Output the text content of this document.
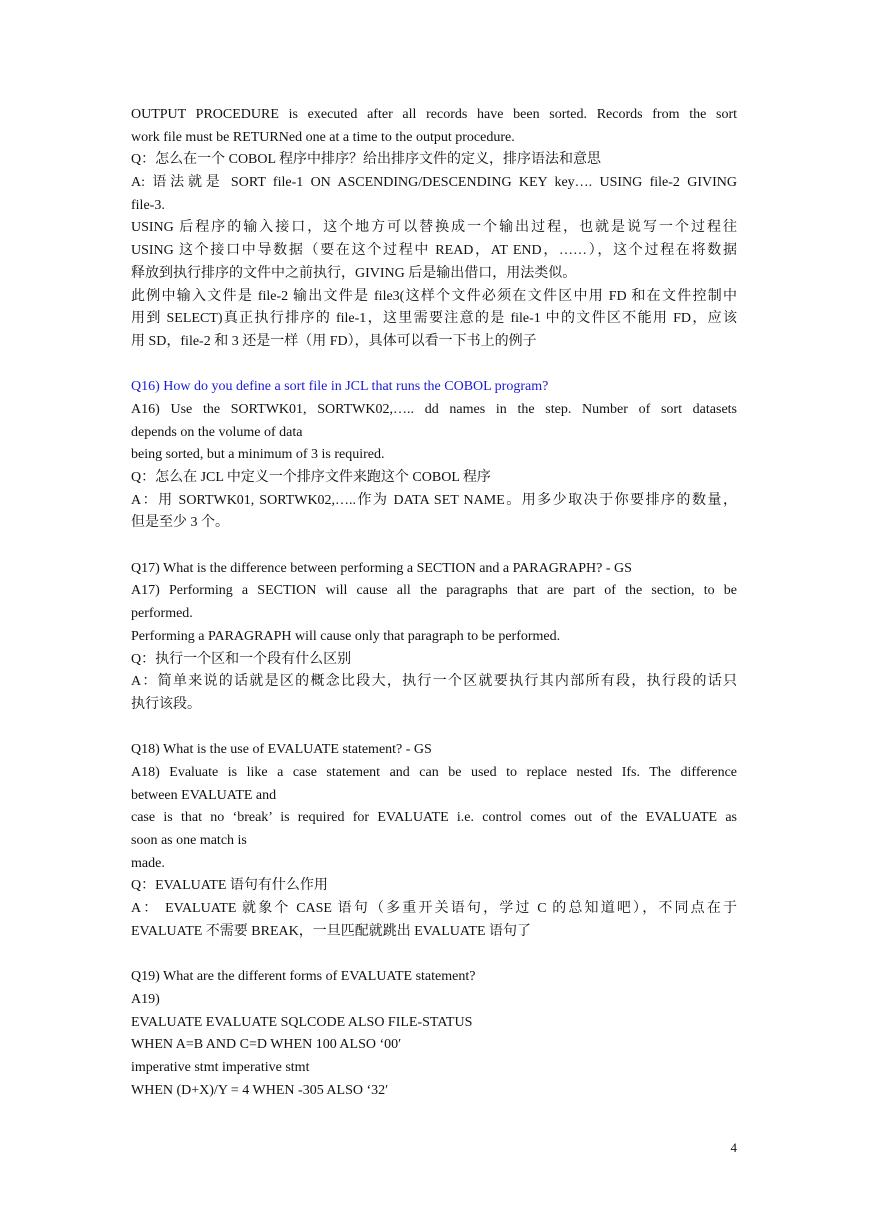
OUTPUT PROCEDURE is executed after all records have been sorted. Records from the sort
work file must be RETURNed one at a time to the output procedure.
Q：怎么在一个 COBOL 程序中排序？给出排序文件的定义，排序语法和意思
A: 语法就是 SORT file-1 ON ASCENDING/DESCENDING KEY key…. USING file-2 GIVING
file-3.
USING 后程序的输入接口，这个地方可以替换成一个输出过程，也就是说写一个过程往
USING 这个接口中导数据（要在这个过程中 READ，AT END，……），这个过程在将数据
释放到执行排序的文件中之前执行，GIVING 后是输出借口，用法类似。
此例中输入文件是 file-2 输出文件是 file3(这样个文件必须在文件区中用 FD 和在文件控制中
用到 SELECT)真正执行排序的 file-1，这里需要注意的是 file-1 中的文件区不能用 FD，应该
用 SD，file-2 和 3 还是一样（用 FD），具体可以看一下书上的例子
Q16) How do you define a sort file in JCL that runs the COBOL program?
A16) Use the SORTWK01, SORTWK02,….. dd names in the step. Number of sort datasets
depends on the volume of data
being sorted, but a minimum of 3 is required.
Q：怎么在 JCL 中定义一个排序文件来跑这个 COBOL 程序
A：用 SORTWK01, SORTWK02,…..作为 DATA SET NAME。用多少取决于你要排序的数量，
但是至少 3 个。
Q17) What is the difference between performing a SECTION and a PARAGRAPH? - GS
A17) Performing a SECTION will cause all the paragraphs that are part of the section, to be
performed.
Performing a PARAGRAPH will cause only that paragraph to be performed.
Q：执行一个区和一个段有什么区别
A：简单来说的话就是区的概念比段大，执行一个区就要执行其内部所有段，执行段的话只
执行该段。
Q18) What is the use of EVALUATE statement? - GS
A18) Evaluate is like a case statement and can be used to replace nested Ifs. The difference
between EVALUATE and
case is that no ‘break’ is required for EVALUATE i.e. control comes out of the EVALUATE as
soon as one match is
made.
Q：EVALUATE 语句有什么作用
A： EVALUATE 就象个 CASE 语句（多重开关语句，学过 C 的总知道吧），不同点在于
EVALUATE 不需要 BREAK，一旦匹配就跳出 EVALUATE 语句了
Q19) What are the different forms of EVALUATE statement?
A19)
EVALUATE EVALUATE SQLCODE ALSO FILE-STATUS
WHEN A=B AND C=D WHEN 100 ALSO ‘00′
imperative stmt imperative stmt
WHEN (D+X)/Y = 4 WHEN -305 ALSO ‘32′
4
